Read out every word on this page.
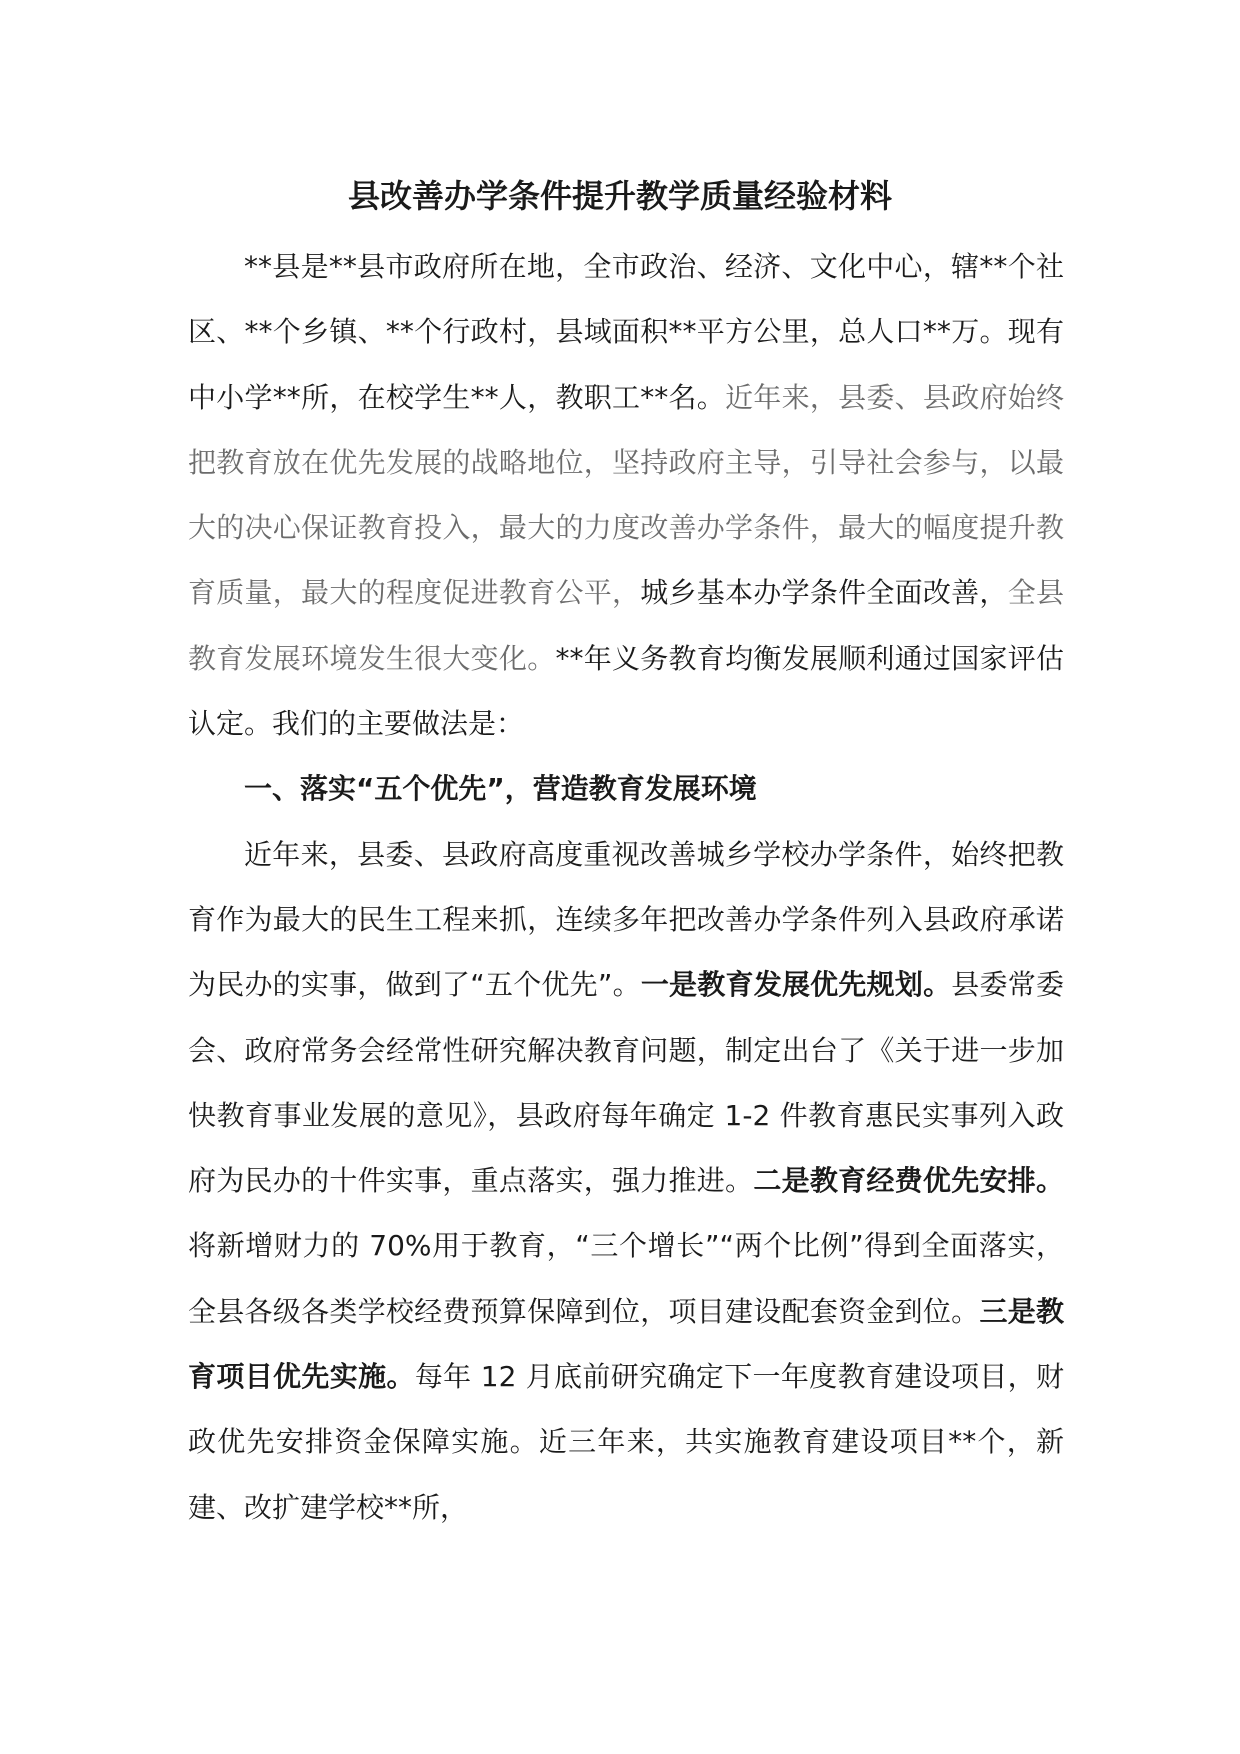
县改善办学条件提升教学质量经验材料

**县是**县市政府所在地，全市政治、经济、文化中心，辖**个社区、**个乡镇、**个行政村，县域面积**平方公里，总人口**万。现有中小学**所，在校学生**人，教职工**名。近年来，县委、县政府始终把教育放在优先发展的战略地位，坚持政府主导，引导社会参与，以最大的决心保证教育投入，最大的力度改善办学条件，最大的幅度提升教育质量，最大的程度促进教育公平，城乡基本办学条件全面改善，全县教育发展环境发生很大变化。**年义务教育均衡发展顺利通过国家评估认定。我们的主要做法是：

一、落实“五个优先”，营造教育发展环境

近年来，县委、县政府高度重视改善城乡学校办学条件，始终把教育作为最大的民生工程来抓，连续多年把改善办学条件列入县政府承诺为民办的实事，做到了“五个优先”。一是教育发展优先规划。县委常委会、政府常务会经常性研究解决教育问题，制定出台了《关于进一步加快教育事业发展的意见》，县政府每年确定 1-2 件教育惠民实事列入政府为民办的十件实事，重点落实，强力推进。二是教育经费优先安排。将新增财力的 70%用于教育，“三个增长”“两个比例”得到全面落实，全县各级各类学校经费预算保障到位，项目建设配套资金到位。三是教育项目优先实施。每年 12 月底前研究确定下一年度教育建设项目，财政优先安排资金保障实施。近三年来，共实施教育建设项目**个，新建、改扩建学校**所，
